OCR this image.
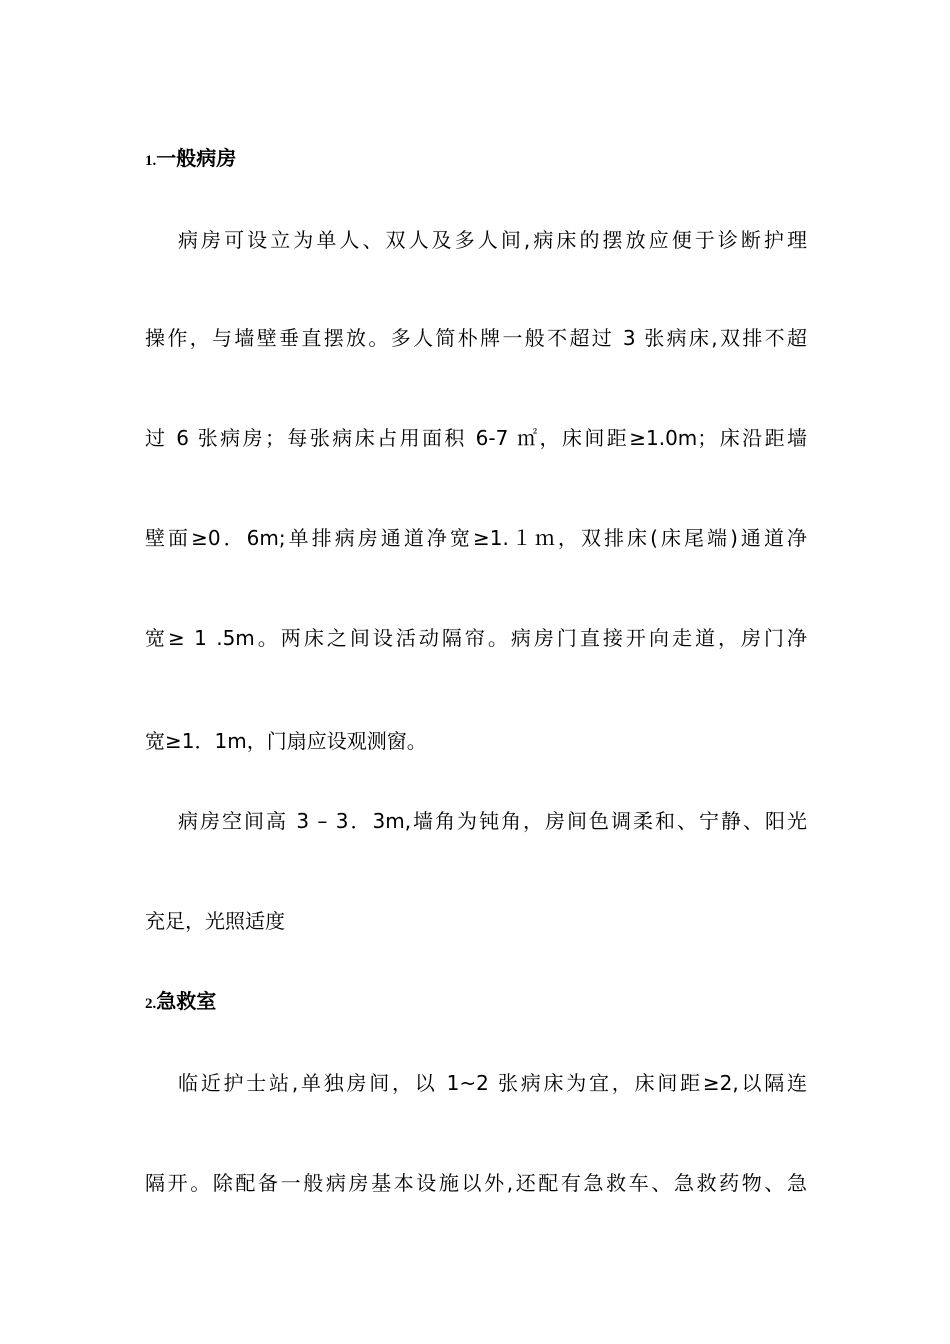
1.一般病房
病房可设立为单人、双人及多人间,病床的摆放应便于诊断护理
操作，与墙壁垂直摆放。多人简朴牌一般不超过 3 张病床,双排不超
过 6 张病房；每张病床占用面积 6-7 ㎡，床间距≥1.0m；床沿距墙
壁面≥0．6m;单排病房通道净宽≥1.１ｍ，双排床(床尾端)通道净
宽≥ 1 .5m。两床之间设活动隔帘。病房门直接开向走道，房门净
宽≥1．1m，门扇应设观测窗。
病房空间高 3 – 3．3m,墙角为钝角，房间色调柔和、宁静、阳光
充足，光照适度
2.急救室
临近护士站,单独房间，以 1~2 张病床为宜，床间距≥2,以隔连
隔开。除配备一般病房基本设施以外,还配有急救车、急救药物、急
